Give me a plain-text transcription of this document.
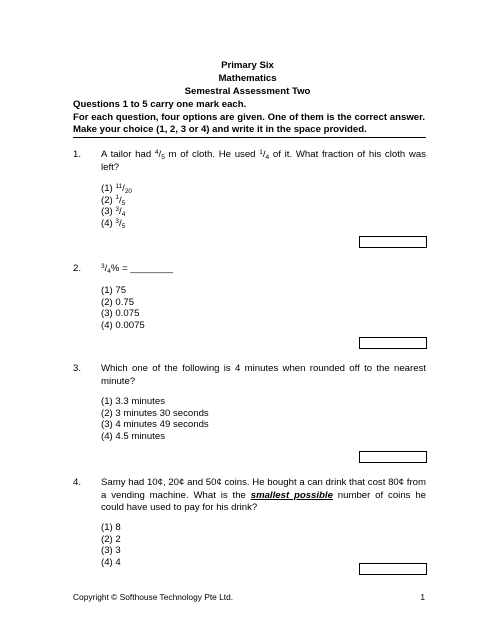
Primary Six
Mathematics
Semestral Assessment Two
Questions 1 to 5 carry one mark each.
For each question, four options are given. One of them is the correct answer. Make your choice (1, 2, 3 or 4) and write it in the space provided.
1.	A tailor had $^4/_5$ m of cloth. He used $^1/_4$ of it. What fraction of his cloth was left?
(1) $^{11}/_{20}$
(2) $^1/_5$
(3) $^3/_4$
(4) $^3/_5$
2.	$^3/_4\%$ = ________
(1) 75
(2) 0.75
(3) 0.075
(4) 0.0075
3.	Which one of the following is 4 minutes when rounded off to the nearest minute?
(1) 3.3 minutes
(2) 3 minutes 30 seconds
(3) 4 minutes 49 seconds
(4) 4.5 minutes
4.	Samy had 10¢, 20¢ and 50¢ coins. He bought a can drink that cost 80¢ from a vending machine. What is the smallest possible number of coins he could have used to pay for his drink?
(1) 8
(2) 2
(3) 3
(4) 4
Copyright © Softhouse Technology Pte Ltd.	1
